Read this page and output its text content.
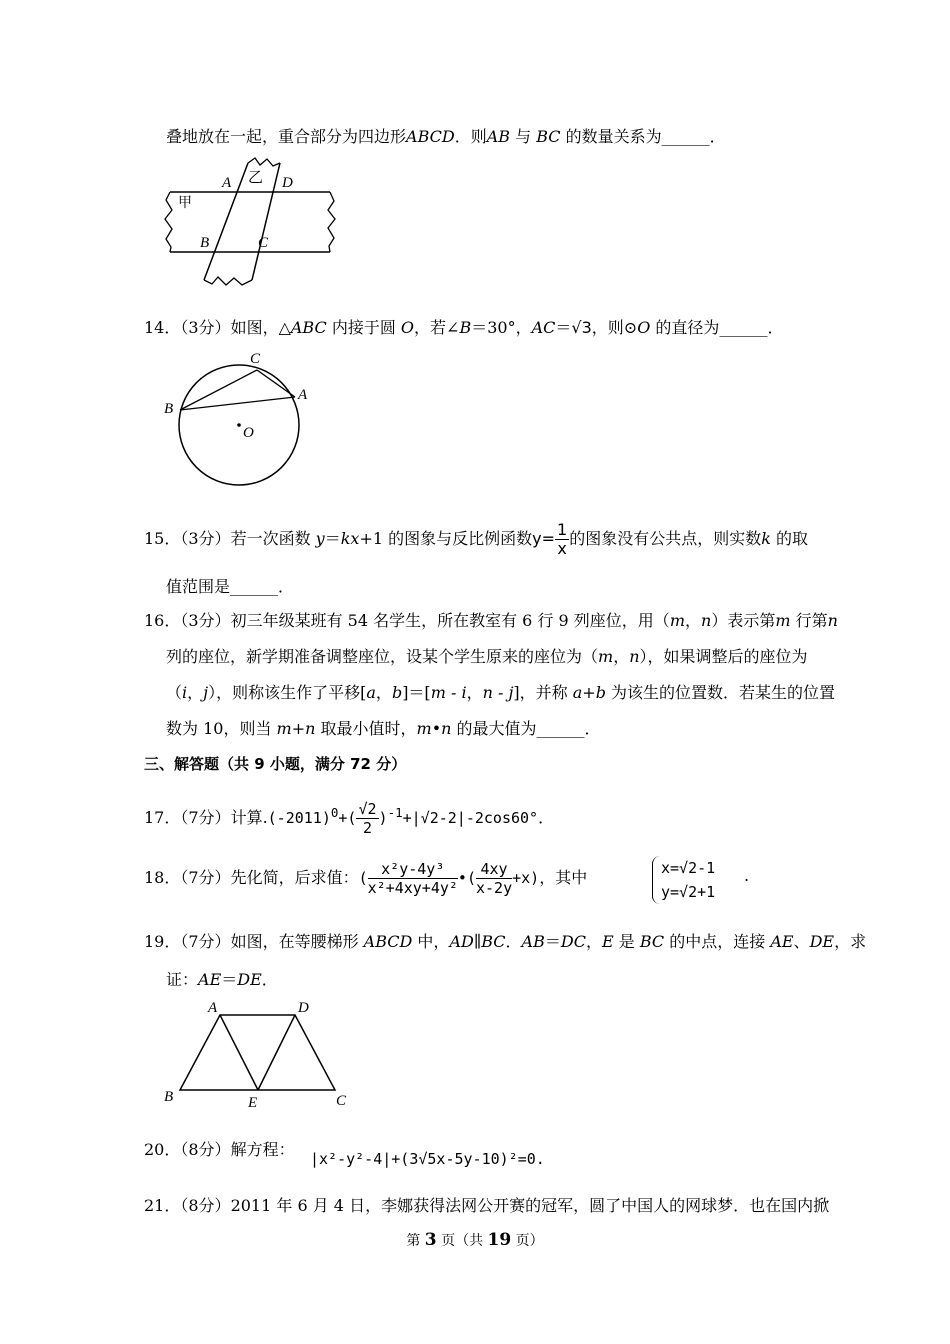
叠地放在一起，重合部分为四边形ABCD．则AB 与 BC 的数量关系为______．
甲
乙
A	D
B	C
14．（3分）如图，△ABC 内接于圆 O，若∠B＝30°，AC＝√3，则⊙O 的直径为______．
C
A
B
O
15．（3分）若一次函数 y＝kx+1 的图象与反比例函数$y= \frac{1}{x}$ 的图象没有公共点，则实数k 的取
值范围是______．
16．（3分）初三年级某班有 54 名学生，所在教室有 6 行 9 列座位，用（m，n）表示第m 行第n
列的座位，新学期准备调整座位，设某个学生原来的座位为（m，n），如果调整后的座位为
（i，j），则称该生作了平移[a，b]＝[m - i，n - j]，并称 a+b 为该生的位置数．若某生的位置
数为 10，则当 m+n 取最小值时，m•n 的最大值为______．
三、解答题（共 9 小题，满分 72 分）
17．（7分）计算$.(-2011)^0+( \frac{√2}{2} )^{-1}+|√2-2|-2\cos 60^\circ$．
18．（7分）先化简，后求值：( $\frac{\text{x²y-4y³}}{\text{x²+4xy+4y²}}$ •( $\frac{4xy}{x-2y} +x$)，其中	x=√2-1
y=√2+1
.
19．（7分）如图，在等腰梯形 ABCD 中，AD∥BC．AB＝DC，E 是 BC 的中点，连接 AE、DE，求
证：AE＝DE．
A	D
B	C
E
20．（8分）解方程： |x²-y²-4|+(3√5x-5y-10)²=0.
21．（8分）2011 年 6 月 4 日，李娜获得法网公开赛的冠军，圆了中国人的网球梦．也在国内掀
第 3 页（共 19 页）
